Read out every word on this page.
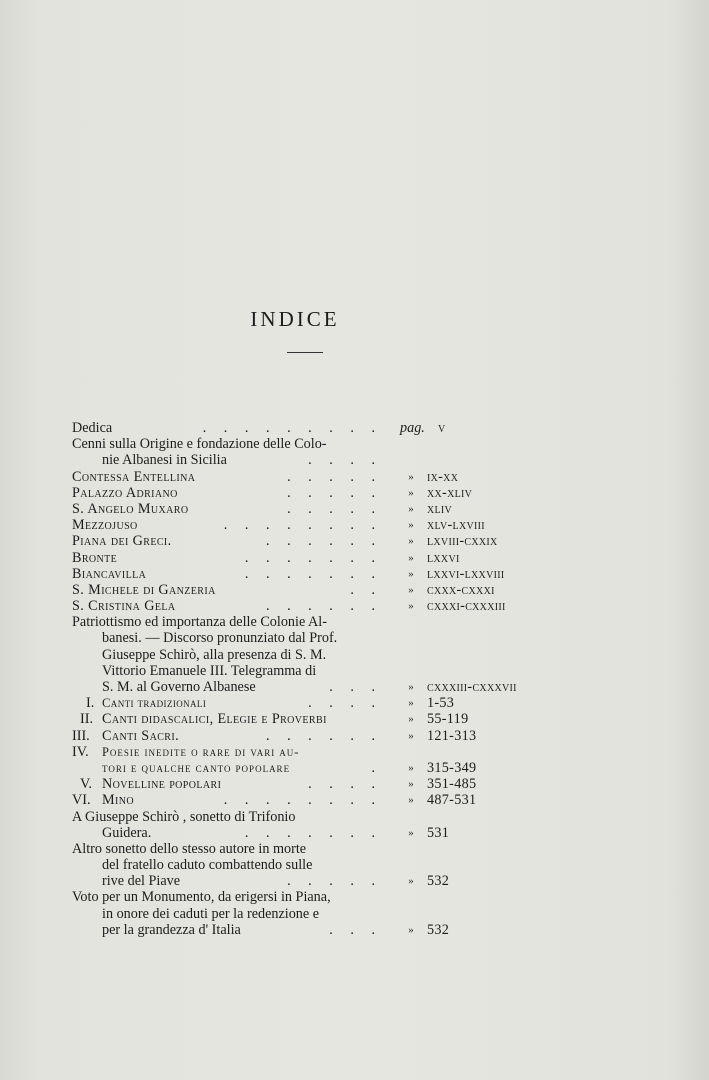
INDICE
Dedica	. . . . . . . . . pag. v
Cenni sulla Origine e fondazione delle Colo-
nie Albanesi in Sicilia	. . . .
Contessa Entellina	. . . . .	» ix-xx
Palazzo Adriano	. . . . .	» xx-xliv
S. Angelo Muxaro	. . . . .	» xliv
Mezzojuso	. . . . . . . .	» xlv-lxviii
Piana dei Greci.	. . . . . .	» lxviii-cxxix
Bronte	. . . . . . .	» lxxvi
Biancavilla	. . . . . . .	» lxxvi-lxxviii
S. Michele di Ganzeria	. .	» cxxx-cxxxi
S. Cristina Gela	. . . . . .	» cxxxi-cxxxiii
Patriottismo ed importanza delle Colonie Al-
banesi. — Discorso pronunziato dal Prof.
Giuseppe Schirò, alla presenza di S. M.
Vittorio Emanuele III. Telegramma di
S. M. al Governo Albanese	. . .	» cxxxiii-cxxxvii
I. Canti tradizionali	. . . .	» 1-53
II. Canti didascalici, Elegie e Proverbi	» 55-119
III. Canti Sacri.	. . . . . .	» 121-313
IV. Poesie inedite o rare di vari au-
tori e qualche canto popolare	.	» 315-349
V. Novelline popolari	. . . .	» 351-485
VI. Mino	. . . . . . . .	» 487-531
A Giuseppe Schirò , sonetto di Trifonio
Guidera.	. . . . . . .	» 531
Altro sonetto dello stesso autore in morte
del fratello caduto combattendo sulle
rive del Piave	. . . . .	» 532
Voto per un Monumento, da erigersi in Piana,
in onore dei caduti per la redenzione e
per la grandezza d' Italia	. . .	» 532
